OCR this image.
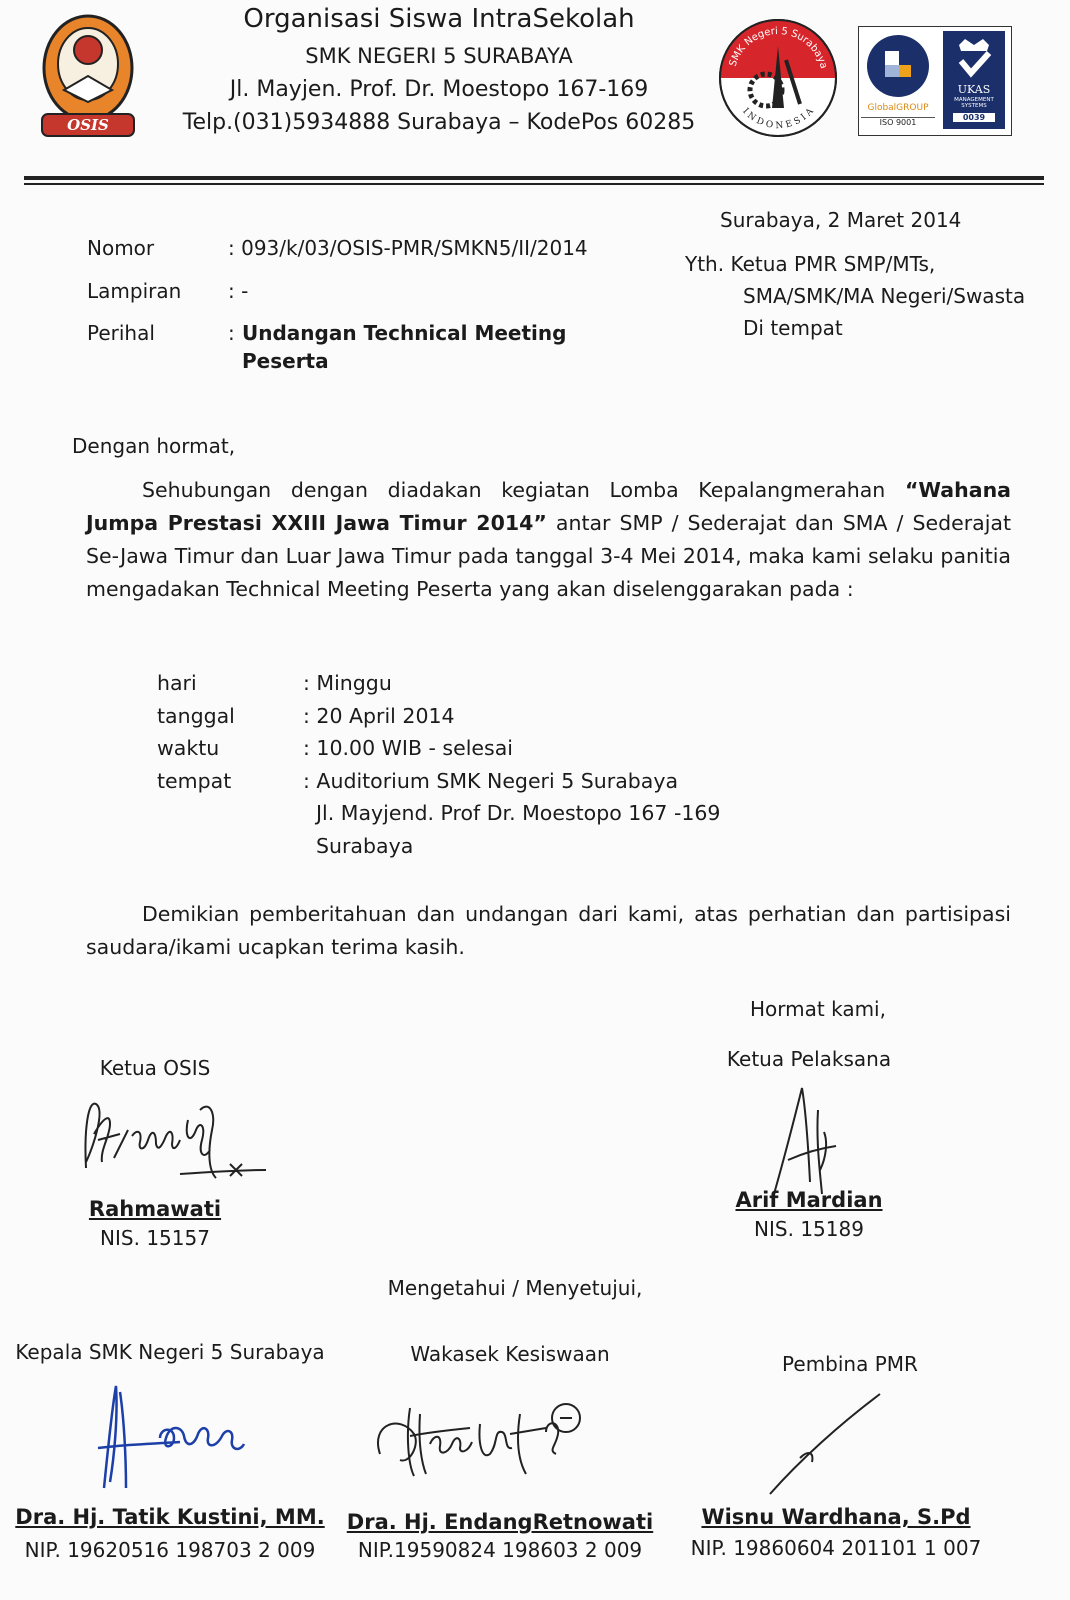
OSIS
Organisasi Siswa IntraSekolah
SMK NEGERI 5 SURABAYA
Jl. Mayjen. Prof. Dr. Moestopo 167-169
Telp.(031)5934888 Surabaya – KodePos 60285
SMK Negeri 5 Surabaya
INDONESIA	GlobalGROUP
ISO 9001
UKAS
MANAGEMENT SYSTEMS
0039
Surabaya, 2 Maret 2014
Nomor	: 093/k/03/OSIS-PMR/SMKN5/II/2014
Lampiran : -
Perihal	: Undangan Technical Meeting
Peserta
Yth. Ketua PMR SMP/MTs,
SMA/SMK/MA Negeri/Swasta
Di tempat
Dengan hormat,
Sehubungan dengan diadakan kegiatan Lomba Kepalangmerahan “Wahana Jumpa Prestasi XXIII Jawa Timur 2014” antar SMP / Sederajat dan SMA / Sederajat Se-Jawa Timur dan Luar Jawa Timur pada tanggal 3-4 Mei 2014, maka kami selaku panitia mengadakan Technical Meeting Peserta yang akan diselenggarakan pada :
hari	: Minggu
tanggal	: 20 April 2014
waktu	: 10.00 WIB - selesai
tempat	: Auditorium SMK Negeri 5 Surabaya
Jl. Mayjend. Prof Dr. Moestopo 167 -169
Surabaya
Demikian pemberitahuan dan undangan dari kami, atas perhatian dan partisipasi saudara/ikami ucapkan terima kasih.
Hormat kami,
Ketua OSIS
Rahmawati
NIS. 15157
Ketua Pelaksana
Arif Mardian
NIS. 15189
Mengetahui / Menyetujui,
Kepala SMK Negeri 5 Surabaya
Dra. Hj. Tatik Kustini, MM.
NIP. 19620516 198703 2 009
Wakasek Kesiswaan
Dra. Hj. EndangRetnowati
NIP.19590824 198603 2 009
Pembina PMR
Wisnu Wardhana, S.Pd
NIP. 19860604 201101 1 007
